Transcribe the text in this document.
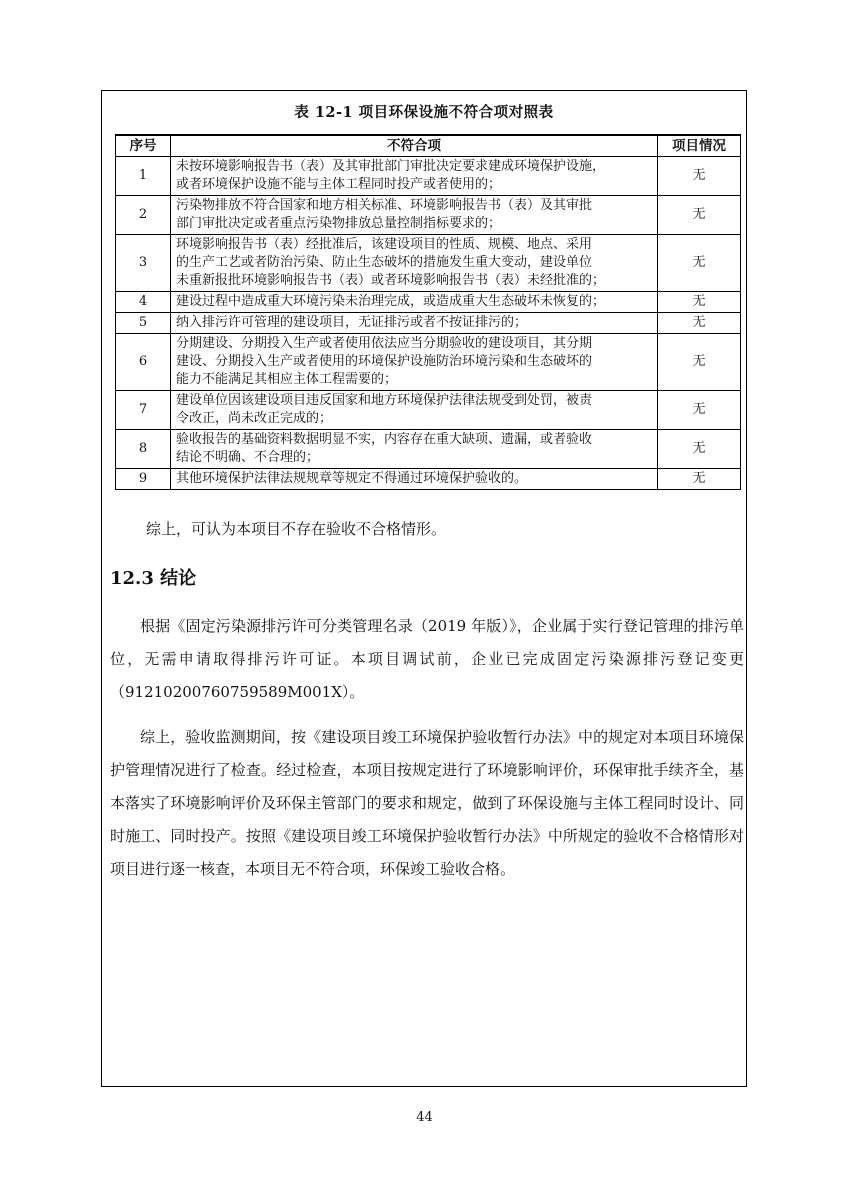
表 12-1 项目环保设施不符合项对照表
序号	不符合项	项目情况
1	未按环境影响报告书（表）及其审批部门审批决定要求建成环境保护设施，
或者环境保护设施不能与主体工程同时投产或者使用的；	无
2	污染物排放不符合国家和地方相关标准、环境影响报告书（表）及其审批
部门审批决定或者重点污染物排放总量控制指标要求的；	无
3	环境影响报告书（表）经批准后，该建设项目的性质、规模、地点、采用
的生产工艺或者防治污染、防止生态破坏的措施发生重大变动，建设单位
未重新报批环境影响报告书（表）或者环境影响报告书（表）未经批准的；	无
4	建设过程中造成重大环境污染未治理完成，或造成重大生态破坏未恢复的；	无
5	纳入排污许可管理的建设项目，无证排污或者不按证排污的；	无
6	分期建设、分期投入生产或者使用依法应当分期验收的建设项目，其分期
建设、分期投入生产或者使用的环境保护设施防治环境污染和生态破坏的
能力不能满足其相应主体工程需要的；	无
7	建设单位因该建设项目违反国家和地方环境保护法律法规受到处罚，被责
令改正，尚未改正完成的；	无
8	验收报告的基础资料数据明显不实，内容存在重大缺项、遗漏，或者验收
结论不明确、不合理的；	无
9	其他环境保护法律法规规章等规定不得通过环境保护验收的。	无
综上，可认为本项目不存在验收不合格情形。
12.3 结论

根据《固定污染源排污许可分类管理名录（2019 年版）》，企业属于实行登记管理的排污单位，无需申请取得排污许可证。本项目调试前，企业已完成固定污染源排污登记变更（91210200760759589M001X）。

综上，验收监测期间，按《建设项目竣工环境保护验收暂行办法》中的规定对本项目环境保护管理情况进行了检查。经过检查，本项目按规定进行了环境影响评价，环保审批手续齐全，基本落实了环境影响评价及环保主管部门的要求和规定，做到了环保设施与主体工程同时设计、同时施工、同时投产。按照《建设项目竣工环境保护验收暂行办法》中所规定的验收不合格情形对项目进行逐一核查，本项目无不符合项，环保竣工验收合格。

44
